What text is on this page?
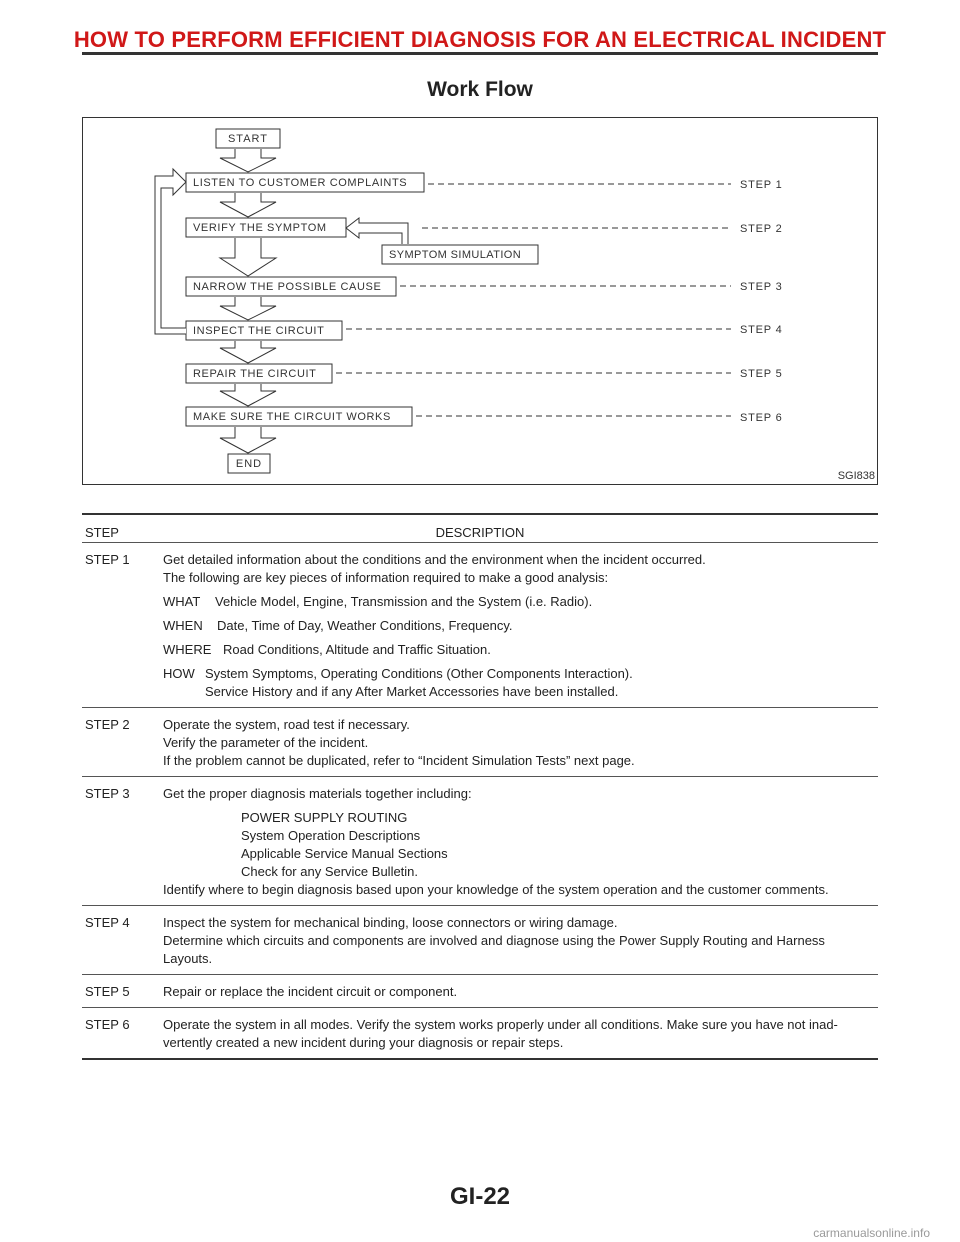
HOW TO PERFORM EFFICIENT DIAGNOSIS FOR AN ELECTRICAL INCIDENT
Work Flow
START
LISTEN TO CUSTOMER COMPLAINTS
VERIFY THE SYMPTOM
SYMPTOM SIMULATION
NARROW THE POSSIBLE CAUSE
INSPECT THE CIRCUIT
REPAIR THE CIRCUIT
MAKE SURE THE CIRCUIT WORKS
END
STEP 1
STEP 2
STEP 3
STEP 4
STEP 5
STEP 6
SGI838
STEP	DESCRIPTION
STEP 1	Get detailed information about the conditions and the environment when the incident occurred.

The following are key pieces of information required to make a good analysis:

WHAT	Vehicle Model, Engine, Transmission and the System (i.e. Radio).
WHEN	Date, Time of Day, Weather Conditions, Frequency.
WHERE Road Conditions, Altitude and Traffic Situation.
HOW System Symptoms, Operating Conditions (Other Components Interaction).
Service History and if any After Market Accessories have been installed.
STEP 2	Operate the system, road test if necessary.

Verify the parameter of the incident.

If the problem cannot be duplicated, refer to “Incident Simulation Tests” next page.

STEP 3	Get the proper diagnosis materials together including:

POWER SUPPLY ROUTING

System Operation Descriptions

Applicable Service Manual Sections

Check for any Service Bulletin.

Identify where to begin diagnosis based upon your knowledge of the system operation and the customer comments.

STEP 4	Inspect the system for mechanical binding, loose connectors or wiring damage.

Determine which circuits and components are involved and diagnose using the Power Supply Routing and Harness

Layouts.

STEP 5	Repair or replace the incident circuit or component.

STEP 6	Operate the system in all modes. Verify the system works properly under all conditions. Make sure you have not inad-

vertently created a new incident during your diagnosis or repair steps.

GI-22
carmanualsonline.info
